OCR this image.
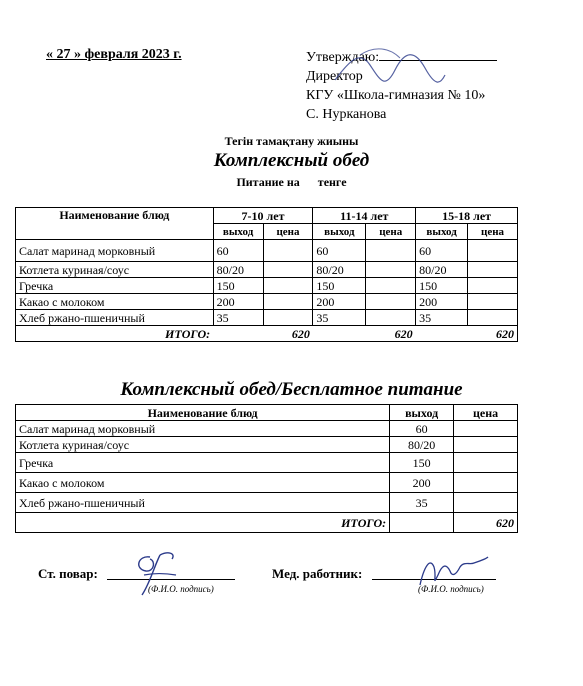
« 27 » февраля 2023 г.	Утверждаю:
Директор
КГУ «Школа-гимназия № 10»
С. Нурканова
Тегін тамақтану жиыны
Комплексный обед
Питание на      тенге
Наименование блюд	7-10 лет		11-14 лет		15-18 лет	
	выход	цена	выход	цена	выход	цена
Салат маринад морковный	60		60		60	
Котлета куриная/соус	80/20		80/20		80/20	
Гречка	150		150		150	
Какао с молоком	200		200		200	
Хлеб ржано-пшеничный	35		35		35	
ИТОГО:		620		620		620
Комплексный обед/Бесплатное питание
Наименование блюд	выход	цена
Салат маринад морковный	60	
Котлета куриная/соус	80/20	
Гречка	150	
Какао с молоком	200	
Хлеб ржано-пшеничный	35	
ИТОГО:		620
Ст. повар:
(Ф.И.О. подпись)
Мед. работник:
(Ф.И.О. подпись)
